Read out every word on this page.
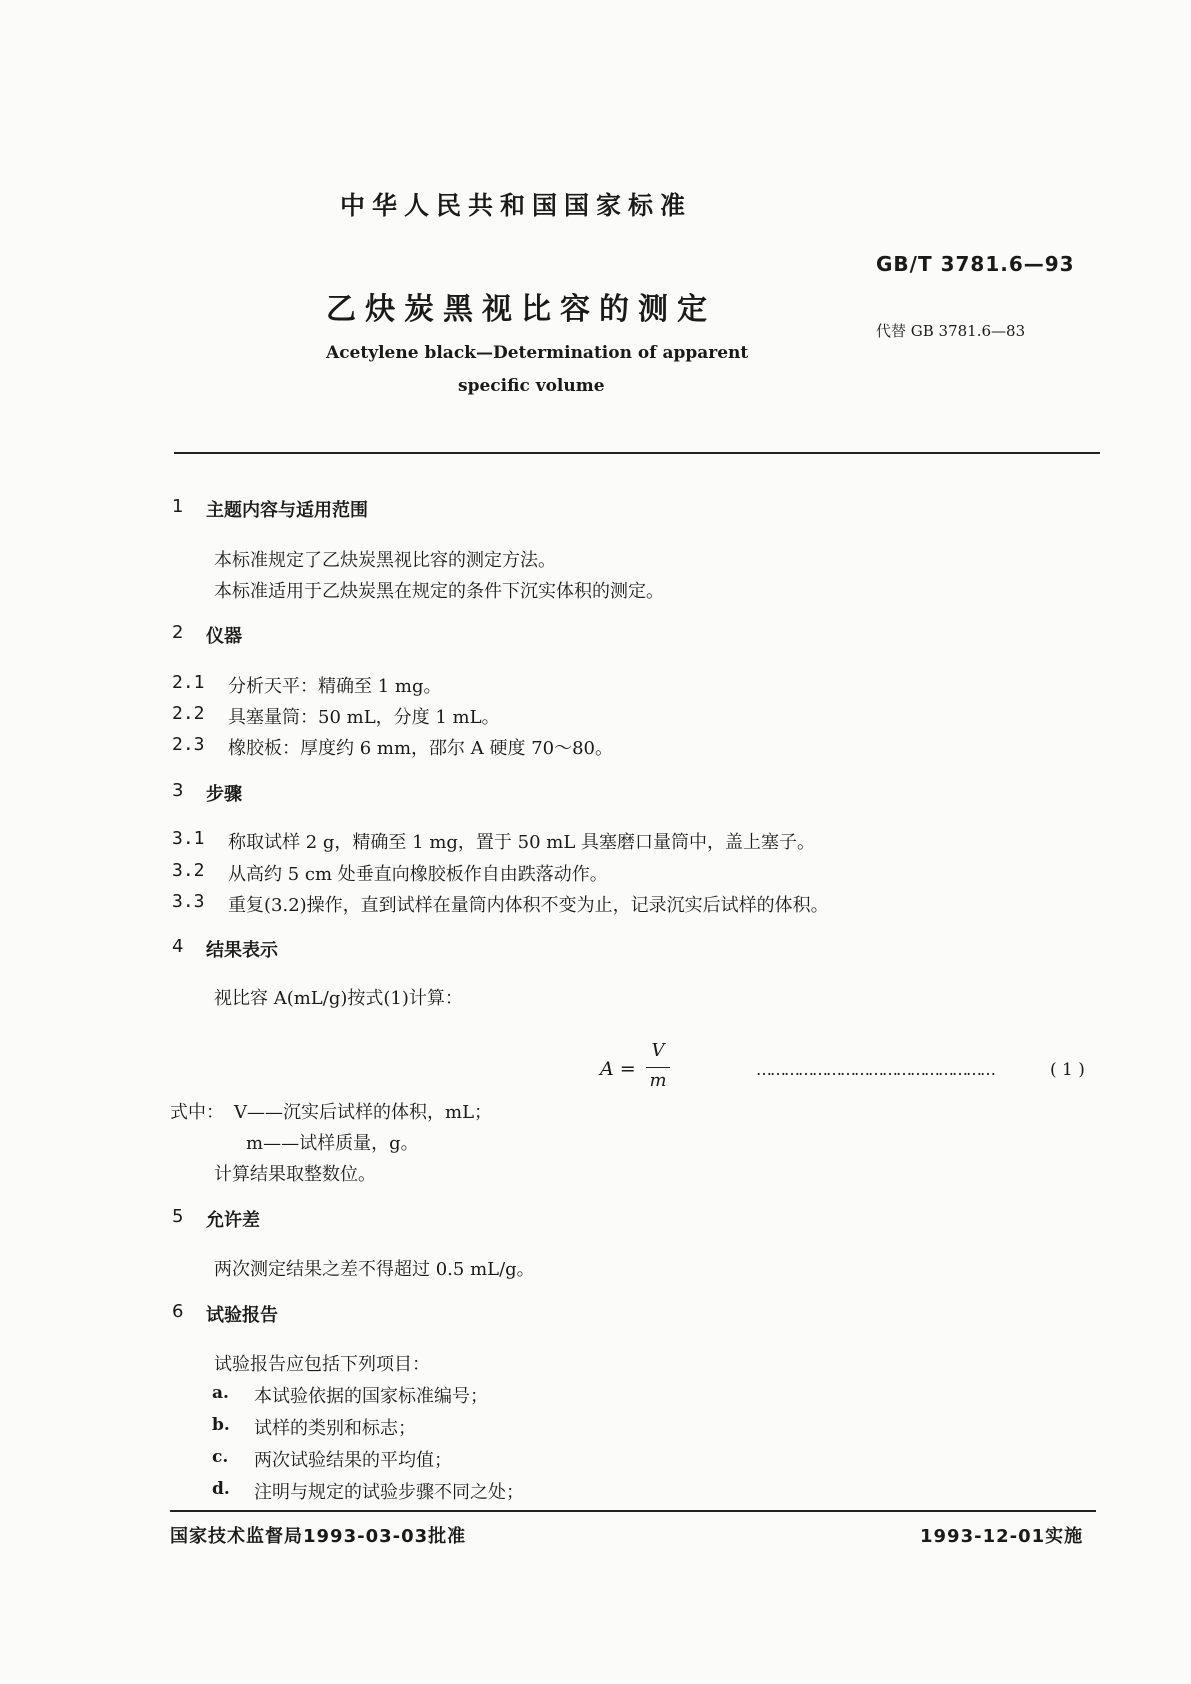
中华人民共和国国家标准
GB/T 3781.6—93
乙炔炭黑视比容的测定
代替 GB 3781.6—83
Acetylene black—Determination of apparent
specific volume
1 主题内容与适用范围
本标准规定了乙炔炭黑视比容的测定方法。
本标准适用于乙炔炭黑在规定的条件下沉实体积的测定。
2 仪器
2.1 分析天平：精确至 1 mg。
2.2 具塞量筒：50 mL，分度 1 mL。
2.3 橡胶板：厚度约 6 mm，邵尔 A 硬度 70～80。
3 步骤
3.1 称取试样 2 g，精确至 1 mg，置于 50 mL 具塞磨口量筒中，盖上塞子。
3.2 从高约 5 cm 处垂直向橡胶板作自由跌落动作。
3.3 重复(3.2)操作，直到试样在量筒内体积不变为止，记录沉实后试样的体积。
4 结果表示
视比容 A(mL/g)按式(1)计算：
A =
V
m
……………………………………………	( 1 )
式中： V——沉实后试样的体积，mL；
m——试样质量，g。
计算结果取整数位。
5 允许差
两次测定结果之差不得超过 0.5 mL/g。
6 试验报告
试验报告应包括下列项目：
a. 本试验依据的国家标准编号；
b. 试样的类别和标志；
c. 两次试验结果的平均值；
d. 注明与规定的试验步骤不同之处；
国家技术监督局1993-03-03批准	1993-12-01实施
